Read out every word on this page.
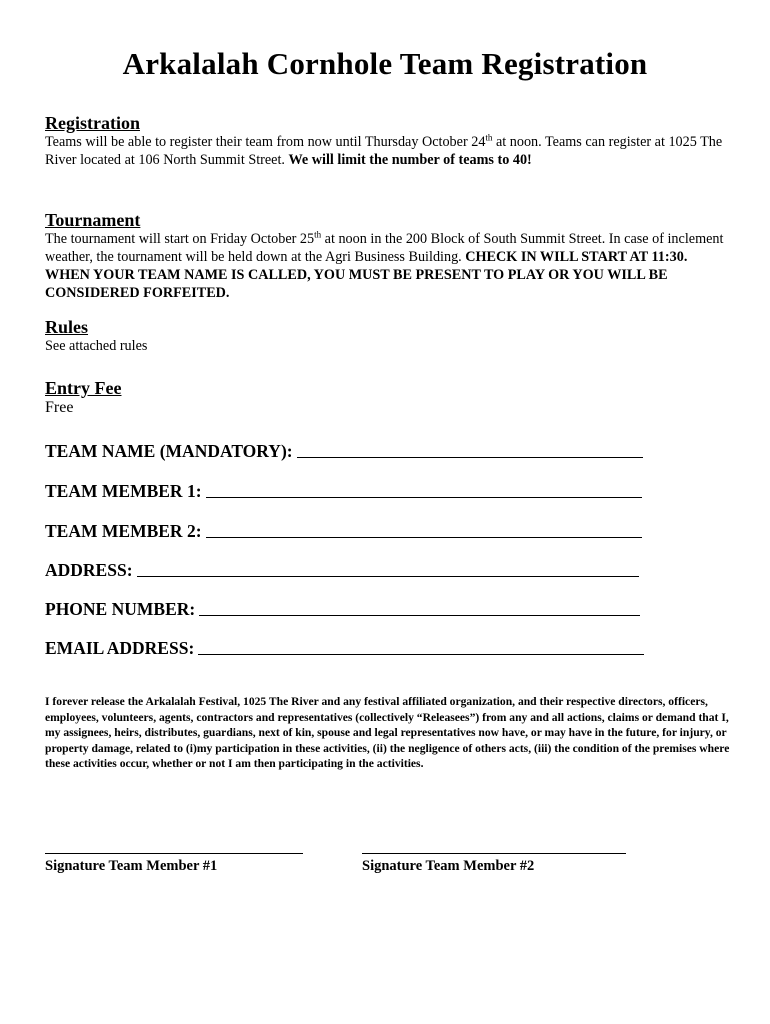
Arkalalah Cornhole Team Registration
Registration

Teams will be able to register their team from now until Thursday October 24th at noon. Teams can register at 1025 The River located at 106 North Summit Street. We will limit the number of teams to 40!

Tournament

The tournament will start on Friday October 25th at noon in the 200 Block of South Summit Street. In case of inclement weather, the tournament will be held down at the Agri Business Building. CHECK IN WILL START AT 11:30. WHEN YOUR TEAM NAME IS CALLED, YOU MUST BE PRESENT TO PLAY OR YOU WILL BE CONSIDERED FORFEITED.

Rules

See attached rules

Entry Fee
Free
TEAM NAME (MANDATORY):
TEAM MEMBER 1:
TEAM MEMBER 2:
ADDRESS:
PHONE NUMBER:
EMAIL ADDRESS:

I forever release the Arkalalah Festival, 1025 The River and any festival affiliated organization, and their respective directors, officers, employees, volunteers, agents, contractors and representatives (collectively “Releasees”) from any and all actions, claims or demand that I, my assignees, heirs, distributes, guardians, next of kin, spouse and legal representatives now have, or may have in the future, for injury, or property damage, related to (i)my participation in these activities, (ii) the negligence of others acts, (iii) the condition of the premises where these activities occur, whether or not I am then participating in the activities.

Signature Team Member #1	Signature Team Member #2
